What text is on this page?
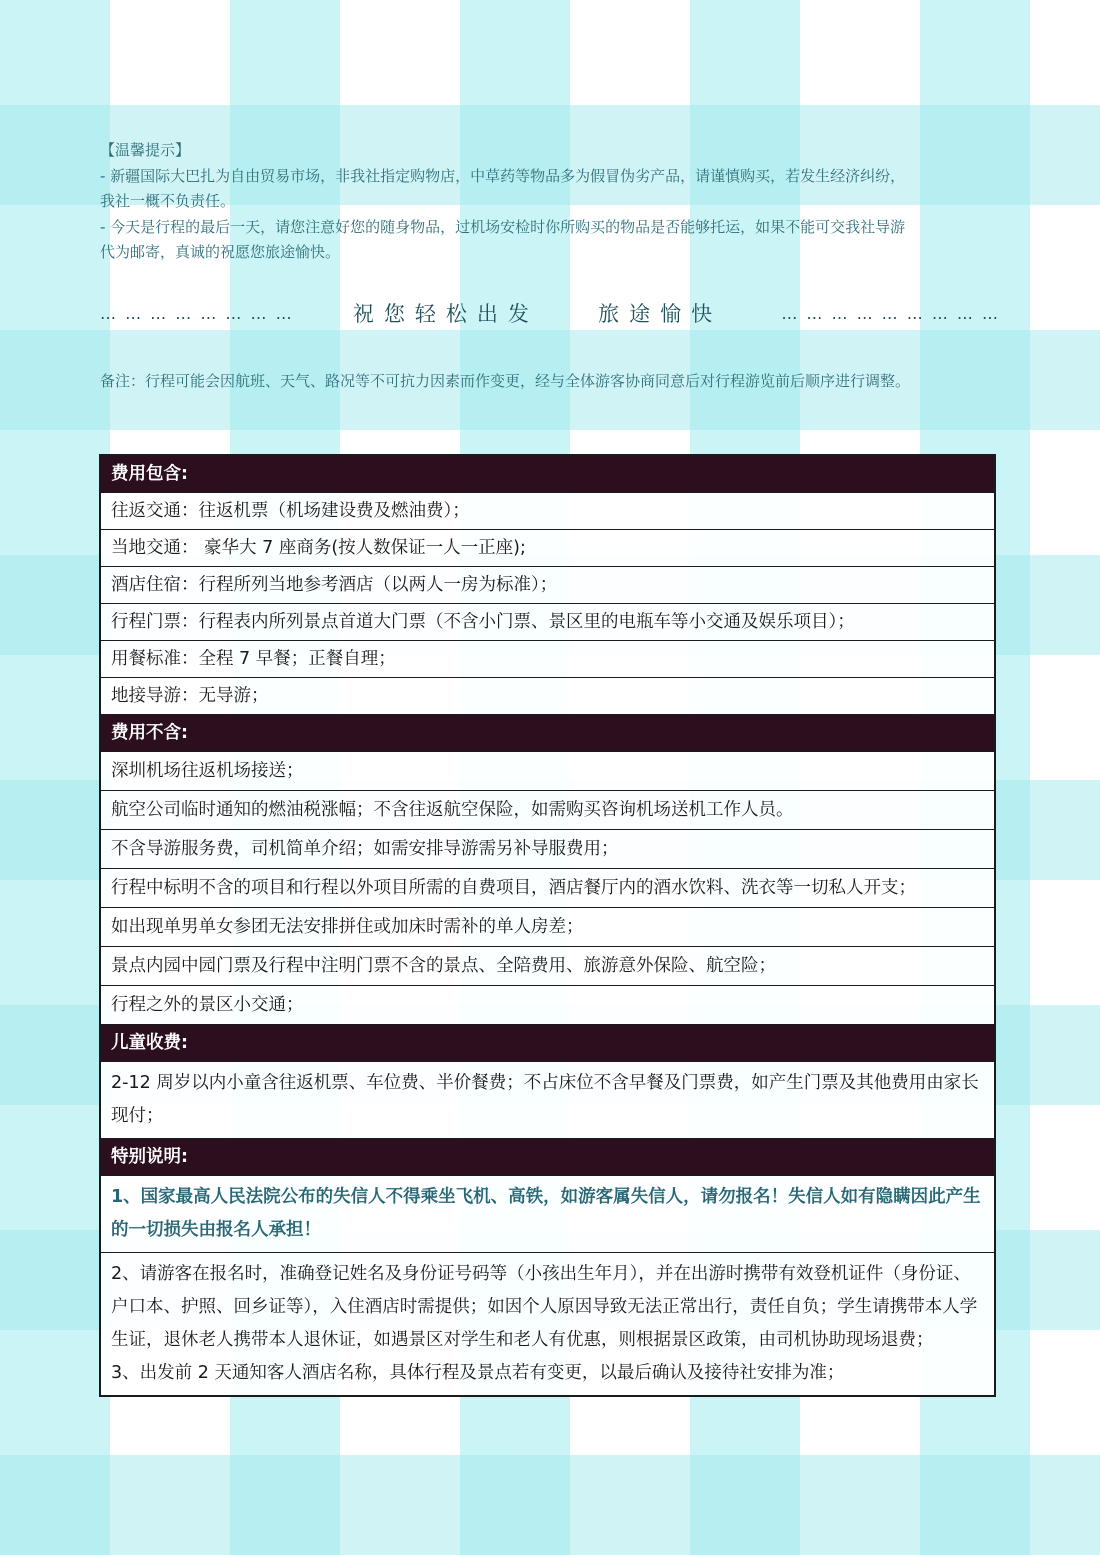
【温馨提示】

- 新疆国际大巴扎为自由贸易市场，非我社指定购物店，中草药等物品多为假冒伪劣产品，请谨慎购买，若发生经济纠纷，

我社一概不负责任。

- 今天是行程的最后一天，请您注意好您的随身物品，过机场安检时你所购买的物品是否能够托运，如果不能可交我社导游

代为邮寄，真诚的祝愿您旅途愉快。

… … … … … … … …	祝您轻松出发	旅途愉快	… … … … … … … … …
备注：行程可能会因航班、天气、路况等不可抗力因素而作变更，经与全体游客协商同意后对行程游览前后顺序进行调整。
费用包含:
往返交通：往返机票（机场建设费及燃油费）；
当地交通： 豪华大 7 座商务(按人数保证一人一正座);
酒店住宿：行程所列当地参考酒店（以两人一房为标准）；
行程门票：行程表内所列景点首道大门票（不含小门票、景区里的电瓶车等小交通及娱乐项目）；
用餐标准：全程 7 早餐；正餐自理；
地接导游：无导游；
费用不含:
深圳机场往返机场接送；
航空公司临时通知的燃油税涨幅；不含往返航空保险，如需购买咨询机场送机工作人员。
不含导游服务费，司机简单介绍；如需安排导游需另补导服费用；
行程中标明不含的项目和行程以外项目所需的自费项目，酒店餐厅内的酒水饮料、洗衣等一切私人开支；
如出现单男单女参团无法安排拼住或加床时需补的单人房差；
景点内园中园门票及行程中注明门票不含的景点、全陪费用、旅游意外保险、航空险；
行程之外的景区小交通；
儿童收费:
2-12 周岁以内小童含往返机票、车位费、半价餐费；不占床位不含早餐及门票费，如产生门票及其他费用由家长现付；
特别说明:

1、国家最高人民法院公布的失信人不得乘坐飞机、高铁，如游客属失信人，请勿报名！失信人如有隐瞒因此产生的一切损失由报名人承担！

2、请游客在报名时，准确登记姓名及身份证号码等（小孩出生年月），并在出游时携带有效登机证件（身份证、户口本、护照、回乡证等），入住酒店时需提供；如因个人原因导致无法正常出行，责任自负；学生请携带本人学生证，退休老人携带本人退休证，如遇景区对学生和老人有优惠，则根据景区政策，由司机协助现场退费；
3、出发前 2 天通知客人酒店名称，具体行程及景点若有变更，以最后确认及接待社安排为准；
